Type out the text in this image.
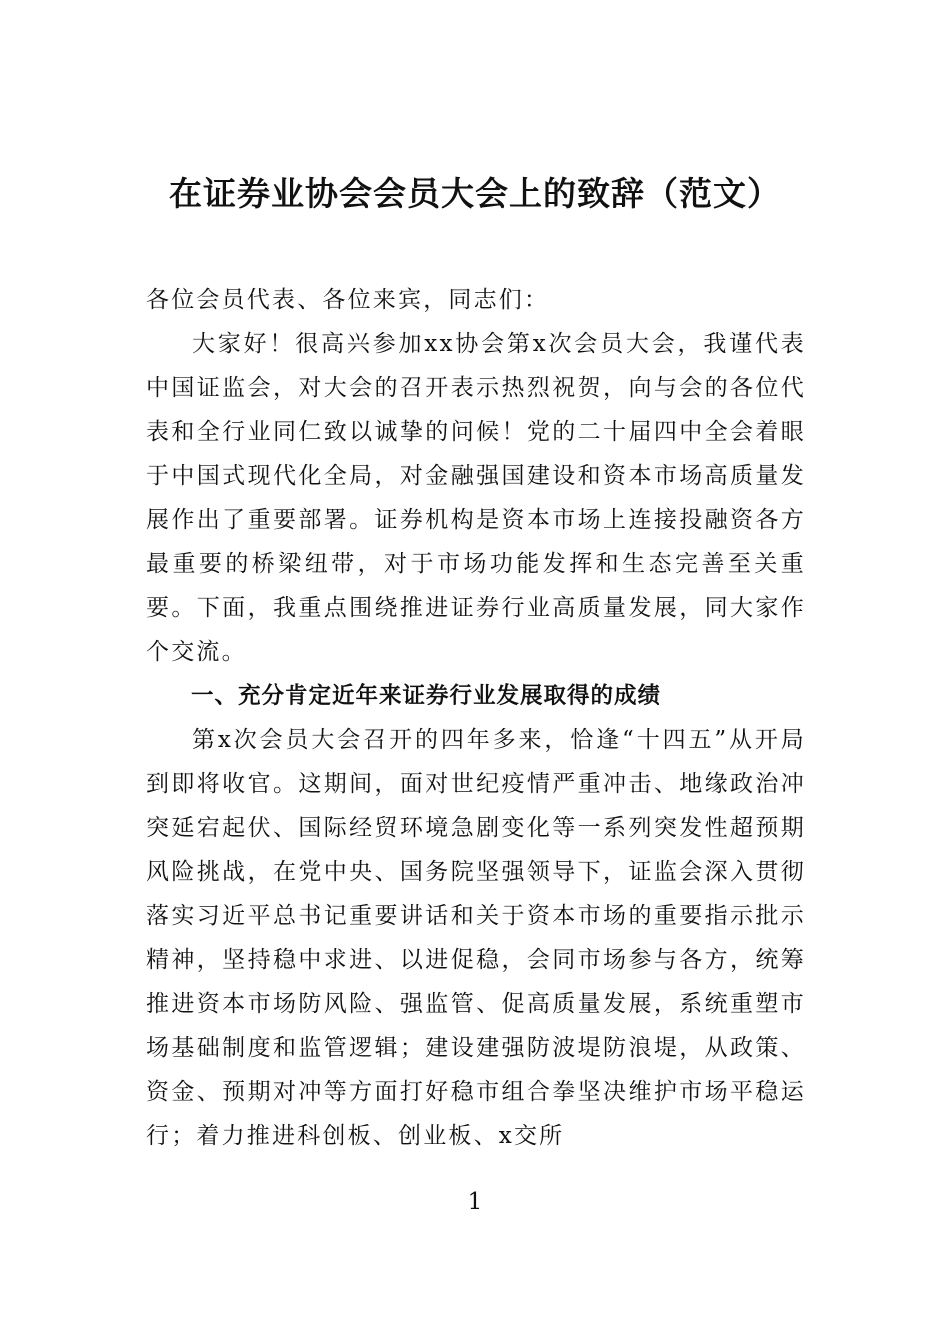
在证券业协会会员大会上的致辞（范文）

各位会员代表、各位来宾，同志们：

大家好！很高兴参加xx协会第x次会员大会，我谨代表中国证监会，对大会的召开表示热烈祝贺，向与会的各位代表和全行业同仁致以诚挚的问候！党的二十届四中全会着眼于中国式现代化全局，对金融强国建设和资本市场高质量发展作出了重要部署。证券机构是资本市场上连接投融资各方最重要的桥梁纽带，对于市场功能发挥和生态完善至关重要。下面，我重点围绕推进证券行业高质量发展，同大家作个交流。

一、充分肯定近年来证券行业发展取得的成绩

第x次会员大会召开的四年多来，恰逢“十四五”从开局到即将收官。这期间，面对世纪疫情严重冲击、地缘政治冲突延宕起伏、国际经贸环境急剧变化等一系列突发性超预期风险挑战，在党中央、国务院坚强领导下，证监会深入贯彻落实习近平总书记重要讲话和关于资本市场的重要指示批示精神，坚持稳中求进、以进促稳，会同市场参与各方，统筹推进资本市场防风险、强监管、促高质量发展，系统重塑市场基础制度和监管逻辑；建设建强防波堤防浪堤，从政策、资金、预期对冲等方面打好稳市组合拳坚决维护市场平稳运行；着力推进科创板、创业板、x交所

1
